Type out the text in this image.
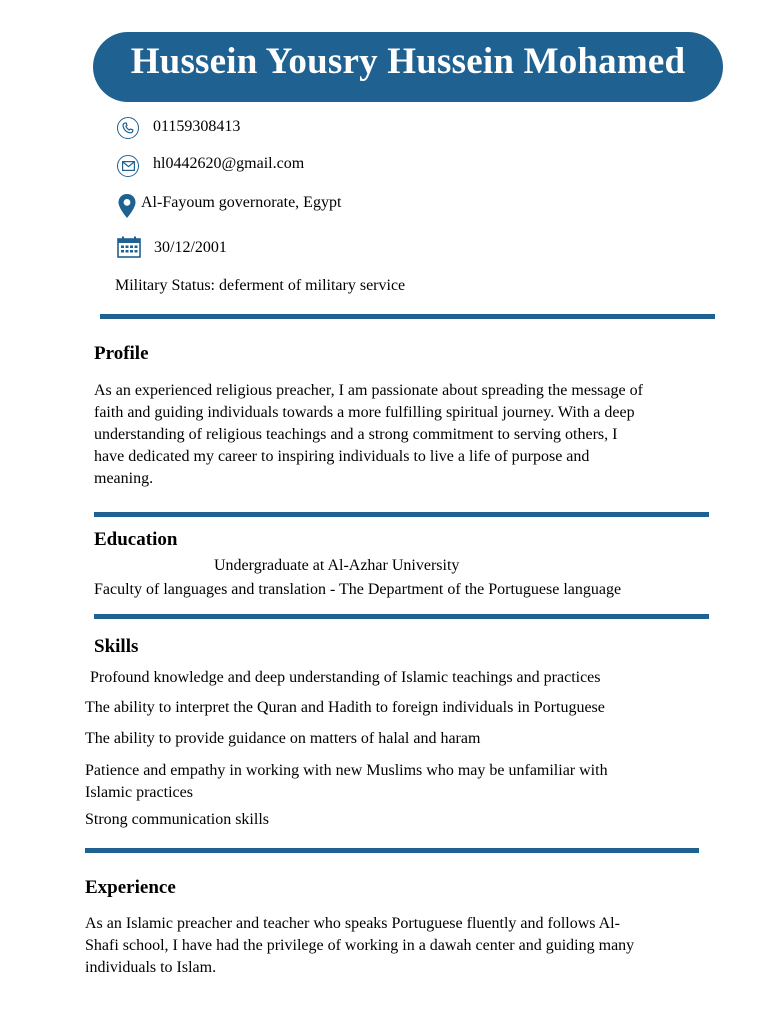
Hussein Yousry Hussein Mohamed
01159308413
hl0442620@gmail.com
Al-Fayoum governorate, Egypt
30/12/2001
Military Status: deferment of military service
Profile
As an experienced religious preacher, I am passionate about spreading the message of
faith and guiding individuals towards a more fulfilling spiritual journey. With a deep
understanding of religious teachings and a strong commitment to serving others, I
have dedicated my career to inspiring individuals to live a life of purpose and
meaning.
Education
Undergraduate at Al-Azhar University
Faculty of languages and translation - The Department of the Portuguese language
Skills
Profound knowledge and deep understanding of Islamic teachings and practices
The ability to interpret the Quran and Hadith to foreign individuals in Portuguese
The ability to provide guidance on matters of halal and haram
Patience and empathy in working with new Muslims who may be unfamiliar with
Islamic practices
Strong communication skills
Experience
As an Islamic preacher and teacher who speaks Portuguese fluently and follows Al-
Shafi school, I have had the privilege of working in a dawah center and guiding many
individuals to Islam.
